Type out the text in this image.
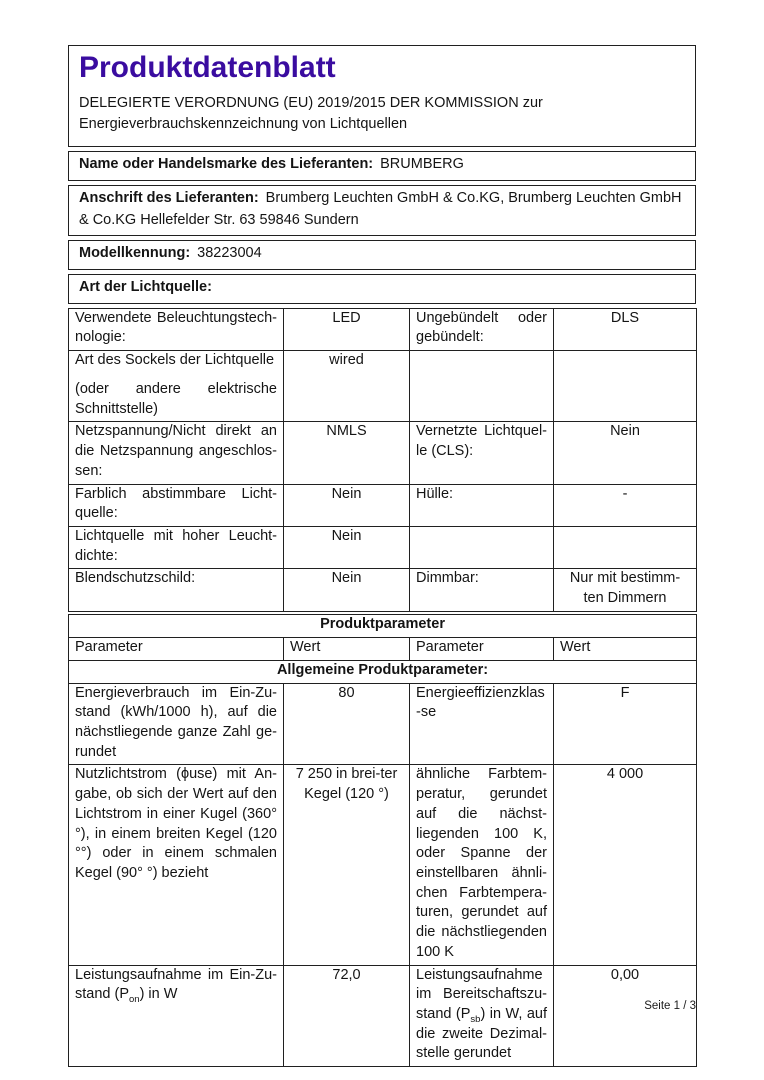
Produktdatenblatt
DELEGIERTE VERORDNUNG (EU) 2019/2015 DER KOMMISSION zur Energieverbrauchskennzeichnung von Lichtquellen
Name oder Handelsmarke des Lieferanten: BRUMBERG
Anschrift des Lieferanten: Brumberg Leuchten GmbH & Co.KG, Brumberg Leuchten GmbH & Co.KG Hellefelder Str. 63 59846 Sundern
Modellkennung: 38223004
Art der Lichtquelle:
Verwendete Beleuchtungstech-nologie:	LED	Ungebündelt oder gebündelt:	DLS

Art des Sockels der Lichtquelle
(oder andere elektrische Schnittstelle)	wired		
Netzspannung/Nicht direkt an die Netzspannung angeschlos-sen:	NMLS	Vernetzte Lichtquel-le (CLS):	Nein
Farblich abstimmbare Licht-quelle:	Nein	Hülle:	-
Lichtquelle mit hoher Leucht-dichte:	Nein		
Blendschutzschild:	Nein	Dimmbar:	Nur mit bestimm-ten Dimmern
Produktparameter			
Parameter	Wert	Parameter	Wert
Allgemeine Produktparameter:			
Energieverbrauch im Ein-Zu-stand (kWh/1000 h), auf die nächstliegende ganze Zahl ge-rundet	80	Energieeffizienzklas-se	F
Nutzlichtstrom (ϕuse) mit An-gabe, ob sich der Wert auf den Lichtstrom in einer Kugel (360° °), in einem breiten Kegel (120 °°) oder in einem schmalen Kegel (90° °) bezieht	7 250 in brei-ter Kegel (120 °)	ähnliche Farbtem-peratur, gerundet auf die nächst-liegenden 100 K, oder Spanne der einstellbaren ähnli-chen Farbtempera-turen, gerundet auf die nächstliegenden 100 K	4 000
Leistungsaufnahme im Ein-Zu-stand $(P_{on})$ in W	72,0	Leistungsaufnahme im Bereitschaftszu-stand $(P_{sb})$ in W, auf die zweite Dezimal-stelle gerundet	0,00
Seite 1 / 3
